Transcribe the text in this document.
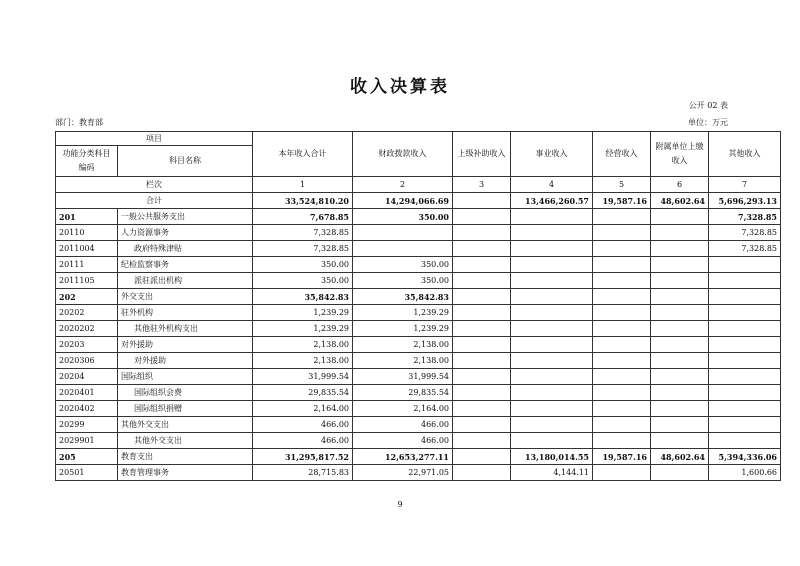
收入决算表
公开 02 表
部门：教育部	单位：万元
项目		本年收入合计	财政拨款收入	上级补助收入	事业收入	经营收入	附属单位上缴收入	其他收入
功能分类科目编码	科目名称							
栏次		1	2	3	4	5	6	7
合计		33,524,810.20	14,294,066.69		13,466,260.57	19,587.16	48,602.64	5,696,293.13
201	一般公共服务支出	7,678.85	350.00					7,328.85
20110	人力资源事务	7,328.85						7,328.85
2011004	政府特殊津贴	7,328.85						7,328.85
20111	纪检监察事务	350.00	350.00					
2011105	派驻派出机构	350.00	350.00					
202	外交支出	35,842.83	35,842.83					
20202	驻外机构	1,239.29	1,239.29					
2020202	其他驻外机构支出	1,239.29	1,239.29					
20203	对外援助	2,138.00	2,138.00					
2020306	对外援助	2,138.00	2,138.00					
20204	国际组织	31,999.54	31,999.54					
2020401	国际组织会费	29,835.54	29,835.54					
2020402	国际组织捐赠	2,164.00	2,164.00					
20299	其他外交支出	466.00	466.00					
2029901	其他外交支出	466.00	466.00					
205	教育支出	31,295,817.52	12,653,277.11		13,180,014.55	19,587.16	48,602.64	5,394,336.06
20501	教育管理事务	28,715.83	22,971.05		4,144.11			1,600.66
9
